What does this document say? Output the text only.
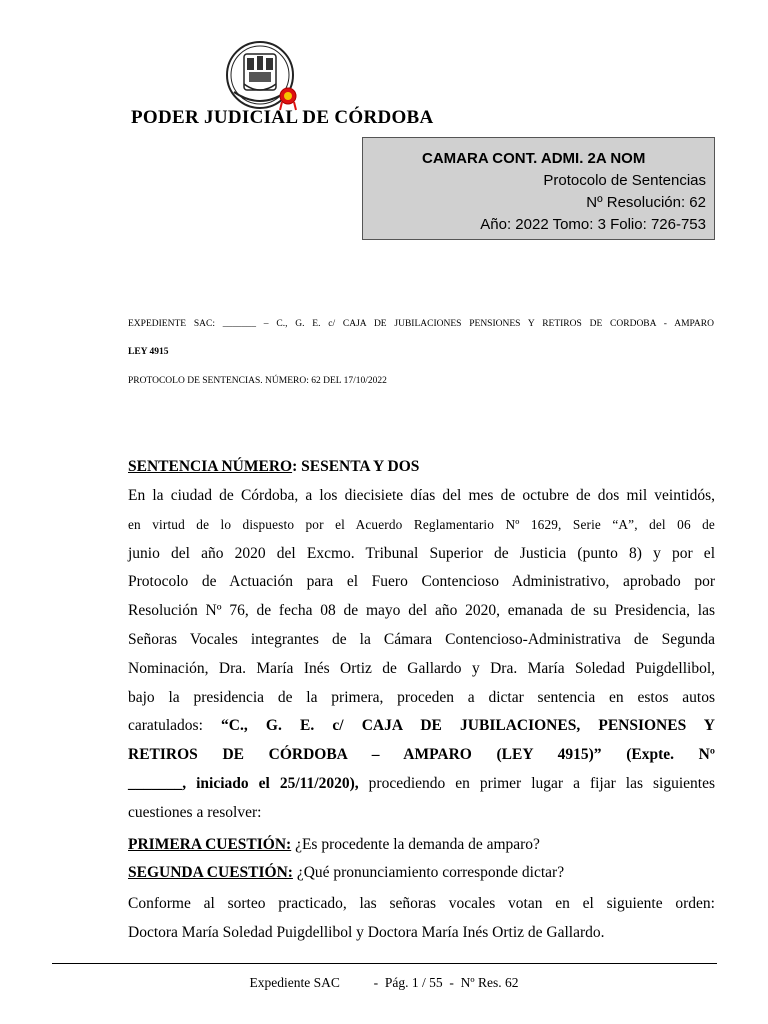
PODER JUDICIAL DE CÓRDOBA
CAMARA CONT. ADMI. 2A NOM
Protocolo de Sentencias
Nº Resolución: 62
Año: 2022 Tomo: 3 Folio: 726-753
EXPEDIENTE SAC: _______ – C., G. E. c/ CAJA DE JUBILACIONES PENSIONES Y RETIROS DE CORDOBA - AMPARO
LEY 4915
PROTOCOLO DE SENTENCIAS. NÚMERO: 62 DEL 17/10/2022
SENTENCIA NÚMERO: SESENTA Y DOS
En la ciudad de Córdoba, a los diecisiete días del mes de octubre de dos mil veintidós,
en virtud de lo dispuesto por el Acuerdo Reglamentario Nº 1629, Serie “A”, del 06 de
junio del año 2020 del Excmo. Tribunal Superior de Justicia (punto 8) y por el
Protocolo de Actuación para el Fuero Contencioso Administrativo, aprobado por
Resolución Nº 76, de fecha 08 de mayo del año 2020, emanada de su Presidencia, las
Señoras Vocales integrantes de la Cámara Contencioso-Administrativa de Segunda
Nominación, Dra. María Inés Ortiz de Gallardo y Dra. María Soledad Puigdellibol,
bajo la presidencia de la primera, proceden a dictar sentencia en estos autos
caratulados: “C., G. E. c/ CAJA DE JUBILACIONES, PENSIONES Y
RETIROS DE CÓRDOBA – AMPARO (LEY 4915)” (Expte. Nº
_______, iniciado el 25/11/2020), procediendo en primer lugar a fijar las siguientes
cuestiones a resolver:
PRIMERA CUESTIÓN: ¿Es procedente la demanda de amparo?
SEGUNDA CUESTIÓN: ¿Qué pronunciamiento corresponde dictar?
Conforme al sorteo practicado, las señoras vocales votan en el siguiente orden:
Doctora María Soledad Puigdellibol y Doctora María Inés Ortiz de Gallardo.
Expediente SAC	-  Pág. 1 / 55  - Nº Res. 62
